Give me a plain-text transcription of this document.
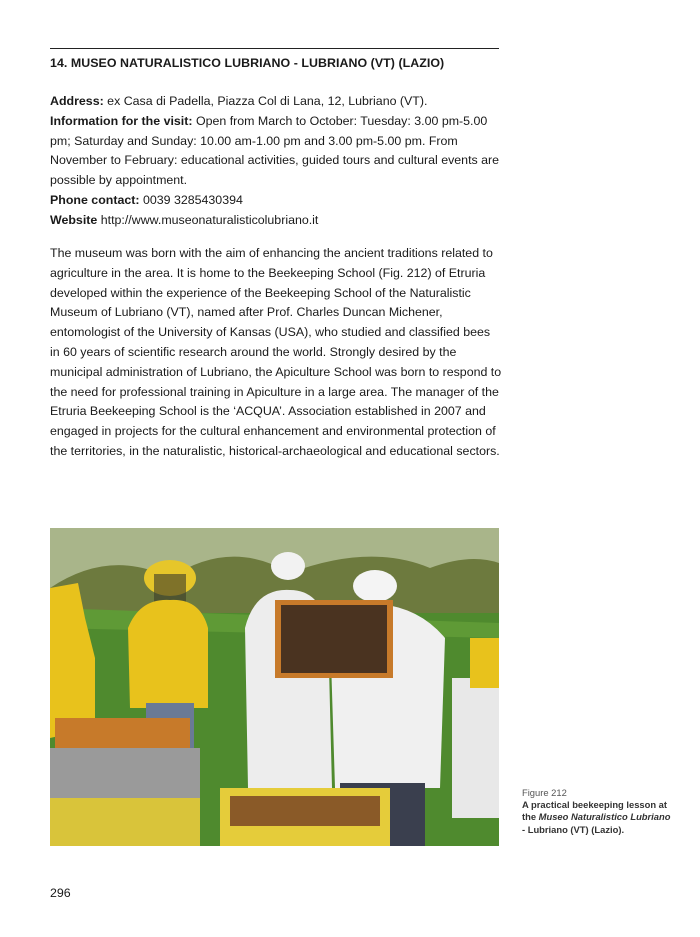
14. MUSEO NATURALISTICO LUBRIANO - LUBRIANO (VT) (LAZIO)

Address: ex Casa di Padella, Piazza Col di Lana, 12, Lubriano (VT).

Information for the visit: Open from March to October: Tuesday: 3.00 pm-5.00 pm; Saturday and Sunday: 10.00 am-1.00 pm and 3.00 pm-5.00 pm. From November to February: educational activities, guided tours and cultural events are possible by appointment.

Phone contact: 0039 3285430394

Website http://www.museonaturalisticolubriano.it

The museum was born with the aim of enhancing the ancient traditions related to agriculture in the area. It is home to the Beekeeping School (Fig. 212) of Etruria developed within the experience of the Beekeeping School of the Naturalistic Museum of Lubriano (VT), named after Prof. Charles Duncan Michener, entomologist of the University of Kansas (USA), who studied and classified bees in 60 years of scientific research around the world. Strongly desired by the municipal administration of Lubriano, the Apiculture School was born to respond to the need for professional training in Apiculture in a large area. The manager of the Etruria Beekeeping School is the ‘ACQUA’. Association established in 2007 and engaged in projects for the cultural enhancement and environmental protection of the territories, in the naturalistic, historical-archaeological and educational sectors.

Figure 212
A practical beekeeping lesson at the Museo Naturalistico Lubriano - Lubriano (VT) (Lazio).
296
